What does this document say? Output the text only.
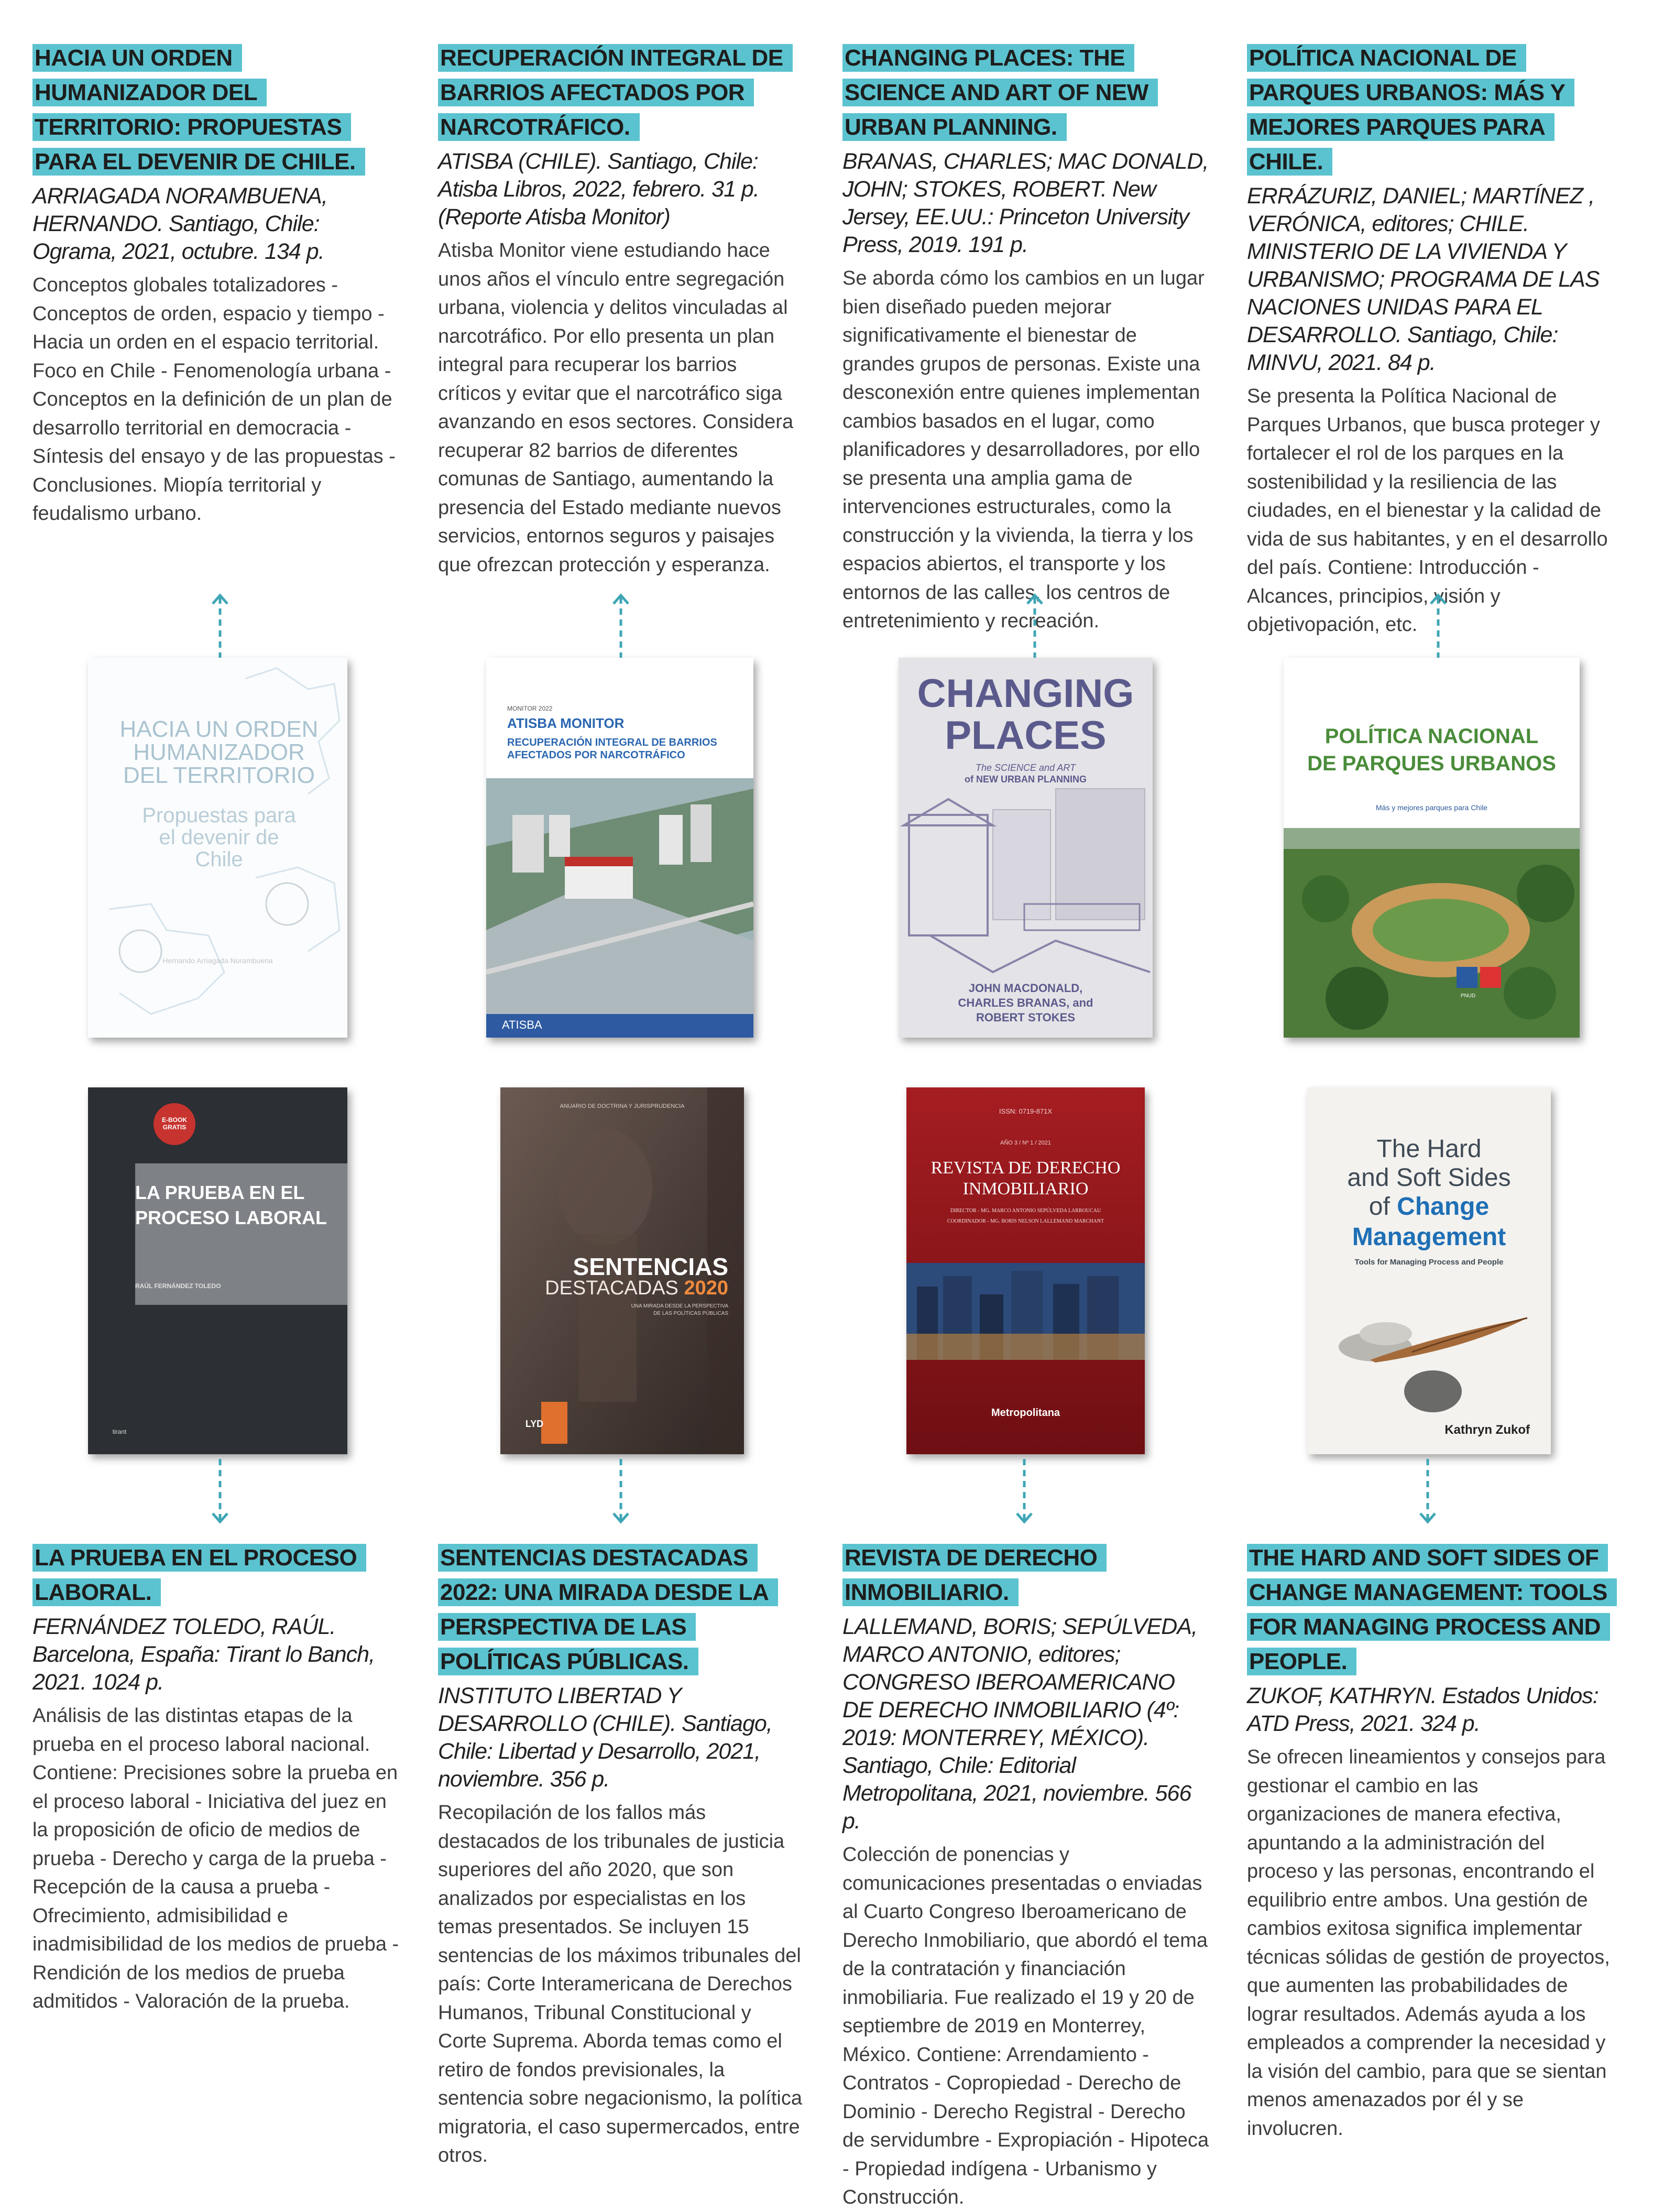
HACIA UN ORDEN HUMANIZADOR DEL TERRITORIO: PROPUESTAS PARA EL DEVENIR DE CHILE.

ARRIAGADA NORAMBUENA, HERNANDO. Santiago, Chile: Ograma, 2021, octubre. 134 p.

Conceptos globales totalizadores - Conceptos de orden, espacio y tiempo - Hacia un orden en el espacio territorial. Foco en Chile - Fenomenología urbana - Conceptos en la definición de un plan de desarrollo territorial en democracia - Síntesis del ensayo y de las propuestas - Conclusiones. Miopía territorial y feudalismo urbano.

RECUPERACIÓN INTEGRAL DE BARRIOS AFECTADOS POR NARCOTRÁFICO.

ATISBA (CHILE). Santiago, Chile: Atisba Libros, 2022, febrero. 31 p. (Reporte Atisba Monitor)

Atisba Monitor viene estudiando hace unos años el vínculo entre segregación urbana, violencia y delitos vinculadas al narcotráfico. Por ello presenta un plan integral para recuperar los barrios críticos y evitar que el narcotráfico siga avanzando en esos sectores. Considera recuperar 82 barrios de diferentes comunas de Santiago, aumentando la presencia del Estado mediante nuevos servicios, entornos seguros y paisajes que ofrezcan protección y esperanza.

CHANGING PLACES: THE SCIENCE AND ART OF NEW URBAN PLANNING.

BRANAS, CHARLES; MAC DONALD, JOHN; STOKES, ROBERT. New Jersey, EE.UU.: Princeton University Press, 2019. 191 p.

Se aborda cómo los cambios en un lugar bien diseñado pueden mejorar significativamente el bienestar de grandes grupos de personas. Existe una desconexión entre quienes implementan cambios basados en el lugar, como planificadores y desarrolladores, por ello se presenta una amplia gama de intervenciones estructurales, como la construcción y la vivienda, la tierra y los espacios abiertos, el transporte y los entornos de las calles, los centros de entretenimiento y recreación.

POLÍTICA NACIONAL DE PARQUES URBANOS: MÁS Y MEJORES PARQUES PARA CHILE.

ERRÁZURIZ, DANIEL; MARTÍNEZ , VERÓNICA, editores; CHILE. MINISTERIO DE LA VIVIENDA Y URBANISMO; PROGRAMA DE LAS NACIONES UNIDAS PARA EL DESARROLLO. Santiago, Chile: MINVU, 2021. 84 p.

Se presenta la Política Nacional de Parques Urbanos, que busca proteger y fortalecer el rol de los parques en la sostenibilidad y la resiliencia de las ciudades, en el bienestar y la calidad de vida de sus habitantes, y en el desarrollo del país. Contiene: Introducción - Alcances, principios, visión y objetivopación, etc.

HACIA UN ORDEN HUMANIZADOR DEL TERRITORIO
Propuestas para el devenir de Chile
Hernando Arriagada Norambuena
MONITOR 2022
ATISBA MONITOR
RECUPERACIÓN INTEGRAL DE BARRIOS AFECTADOS POR NARCOTRÁFICO
ATISBA
CHANGING
PLACES
The SCIENCE and ART
of NEW URBAN PLANNING
JOHN MACDONALD,
CHARLES BRANAS, and
ROBERT STOKES
POLÍTICA NACIONAL
DE PARQUES URBANOS
Más y mejores parques para Chile
PNUD
E-BOOK GRATIS
LA PRUEBA EN EL
PROCESO LABORAL
RAÚL FERNÁNDEZ TOLEDO
tirant
ANUARIO DE DOCTRINA Y JURISPRUDENCIA
SENTENCIAS
DESTACADAS 2020
UNA MIRADA DESDE LA PERSPECTIVA
DE LAS POLÍTICAS PÚBLICAS
LYD
ISSN: 0719-871X
AÑO 3 / Nº 1 / 2021
REVISTA DE DERECHO
INMOBILIARIO
DIRECTOR - MG. MARCO ANTONIO SEPÚLVEDA LARROUCAU
COORDINADOR - MG. BORIS NELSON LALLEMAND MARCHANT
Metropolitana
The Hard
and Soft Sides
of Change
Management
Tools for Managing Process and People
Kathryn Zukof

LA PRUEBA EN EL PROCESO LABORAL.

FERNÁNDEZ TOLEDO, RAÚL. Barcelona, España: Tirant lo Banch, 2021. 1024 p.

Análisis de las distintas etapas de la prueba en el proceso laboral nacional. Contiene: Precisiones sobre la prueba en el proceso laboral - Iniciativa del juez en la proposición de oficio de medios de prueba - Derecho y carga de la prueba - Recepción de la causa a prueba - Ofrecimiento, admisibilidad e inadmisibilidad de los medios de prueba - Rendición de los medios de prueba admitidos - Valoración de la prueba.

SENTENCIAS DESTACADAS 2022: UNA MIRADA DESDE LA PERSPECTIVA DE LAS POLÍTICAS PÚBLICAS.

INSTITUTO LIBERTAD Y DESARROLLO (CHILE). Santiago, Chile: Libertad y Desarrollo, 2021, noviembre. 356 p.

Recopilación de los fallos más destacados de los tribunales de justicia superiores del año 2020, que son analizados por especialistas en los temas presentados. Se incluyen 15 sentencias de los máximos tribunales del país: Corte Interamericana de Derechos Humanos, Tribunal Constitucional y Corte Suprema. Aborda temas como el retiro de fondos previsionales, la sentencia sobre negacionismo, la política migratoria, el caso supermercados, entre otros.

REVISTA DE DERECHO INMOBILIARIO.

LALLEMAND, BORIS; SEPÚLVEDA, MARCO ANTONIO, editores; CONGRESO IBEROAMERICANO DE DERECHO INMOBILIARIO (4º: 2019: MONTERREY, MÉXICO). Santiago, Chile: Editorial Metropolitana, 2021, noviembre. 566 p.

Colección de ponencias y comunicaciones presentadas o enviadas al Cuarto Congreso Iberoamericano de Derecho Inmobiliario, que abordó el tema de la contratación y financiación inmobiliaria. Fue realizado el 19 y 20 de septiembre de 2019 en Monterrey, México. Contiene: Arrendamiento - Contratos - Copropiedad - Derecho de Dominio - Derecho Registral - Derecho de servidumbre - Expropiación - Hipoteca - Propiedad indígena - Urbanismo y Construcción.

THE HARD AND SOFT SIDES OF CHANGE MANAGEMENT: TOOLS FOR MANAGING PROCESS AND PEOPLE.

ZUKOF, KATHRYN. Estados Unidos: ATD Press, 2021. 324 p.

Se ofrecen lineamientos y consejos para gestionar el cambio en las organizaciones de manera efectiva, apuntando a la administración del proceso y las personas, encontrando el equilibrio entre ambos. Una gestión de cambios exitosa significa implementar técnicas sólidas de gestión de proyectos, que aumenten las probabilidades de lograr resultados. Además ayuda a los empleados a comprender la necesidad y la visión del cambio, para que se sientan menos amenazados por él y se involucren.
